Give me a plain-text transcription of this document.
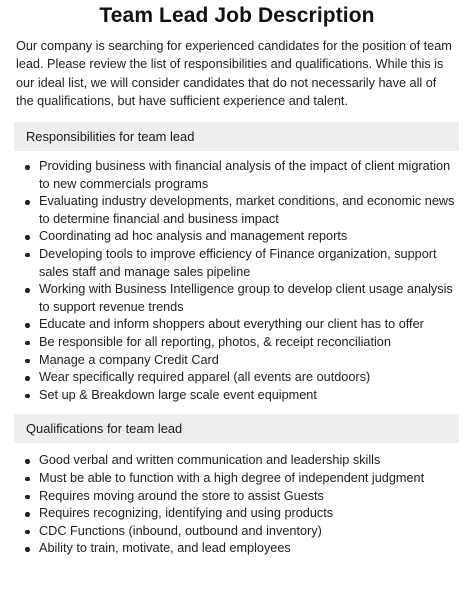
Team Lead Job Description

Our company is searching for experienced candidates for the position of team lead. Please review the list of responsibilities and qualifications. While this is our ideal list, we will consider candidates that do not necessarily have all of the qualifications, but have sufficient experience and talent.

Responsibilities for team lead
Providing business with financial analysis of the impact of client migration to new commercials programs
Evaluating industry developments, market conditions, and economic news to determine financial and business impact
Coordinating ad hoc analysis and management reports
Developing tools to improve efficiency of Finance organization, support sales staff and manage sales pipeline
Working with Business Intelligence group to develop client usage analysis to support revenue trends
Educate and inform shoppers about everything our client has to offer
Be responsible for all reporting, photos, & receipt reconciliation
Manage a company Credit Card
Wear specifically required apparel (all events are outdoors)
Set up & Breakdown large scale event equipment
Qualifications for team lead
Good verbal and written communication and leadership skills
Must be able to function with a high degree of independent judgment
Requires moving around the store to assist Guests
Requires recognizing, identifying and using products
CDC Functions (inbound, outbound and inventory)
Ability to train, motivate, and lead employees
